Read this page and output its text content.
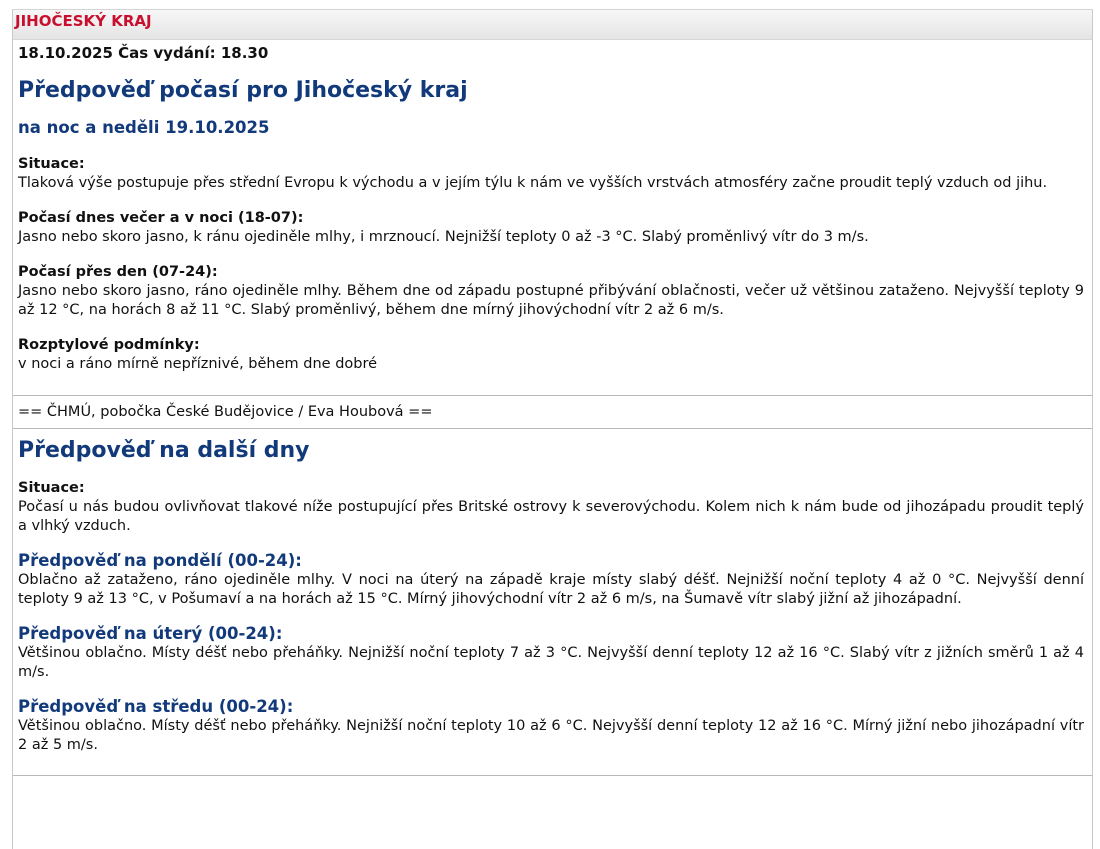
JIHOČESKÝ KRAJ
18.10.2025 Čas vydání: 18.30
Předpověď počasí pro Jihočeský kraj
na noc a neděli 19.10.2025
Situace:
Tlaková výše postupuje přes střední Evropu k východu a v jejím týlu k nám ve vyšších vrstvách atmosféry začne proudit teplý vzduch od jihu.
Počasí dnes večer a v noci (18-07):
Jasno nebo skoro jasno, k ránu ojediněle mlhy, i mrznoucí. Nejnižší teploty 0 až -3 °C. Slabý proměnlivý vítr do 3 m/s.
Počasí přes den (07-24):
Jasno nebo skoro jasno, ráno ojediněle mlhy. Během dne od západu postupné přibývání oblačnosti, večer už většinou zataženo. Nejvyšší teploty 9 až 12 °C, na horách 8 až 11 °C. Slabý proměnlivý, během dne mírný jihovýchodní vítr 2 až 6 m/s.
Rozptylové podmínky:
v noci a ráno mírně nepříznivé, během dne dobré
== ČHMÚ, pobočka České Budějovice / Eva Houbová ==
Předpověď na další dny
Situace:
Počasí u nás budou ovlivňovat tlakové níže postupující přes Britské ostrovy k severovýchodu. Kolem nich k nám bude od jihozápadu proudit teplý a vlhký vzduch.
Předpověď na pondělí (00-24):
Oblačno až zataženo, ráno ojediněle mlhy. V noci na úterý na západě kraje místy slabý déšť. Nejnižší noční teploty 4 až 0 °C. Nejvyšší denní teploty 9 až 13 °C, v Pošumaví a na horách až 15 °C. Mírný jihovýchodní vítr 2 až 6 m/s, na Šumavě vítr slabý jižní až jihozápadní.
Předpověď na úterý (00-24):
Většinou oblačno. Místy déšť nebo přeháňky. Nejnižší noční teploty 7 až 3 °C. Nejvyšší denní teploty 12 až 16 °C. Slabý vítr z jižních směrů 1 až 4 m/s.
Předpověď na středu (00-24):
Většinou oblačno. Místy déšť nebo přeháňky. Nejnižší noční teploty 10 až 6 °C. Nejvyšší denní teploty 12 až 16 °C. Mírný jižní nebo jihozápadní vítr 2 až 5 m/s.
